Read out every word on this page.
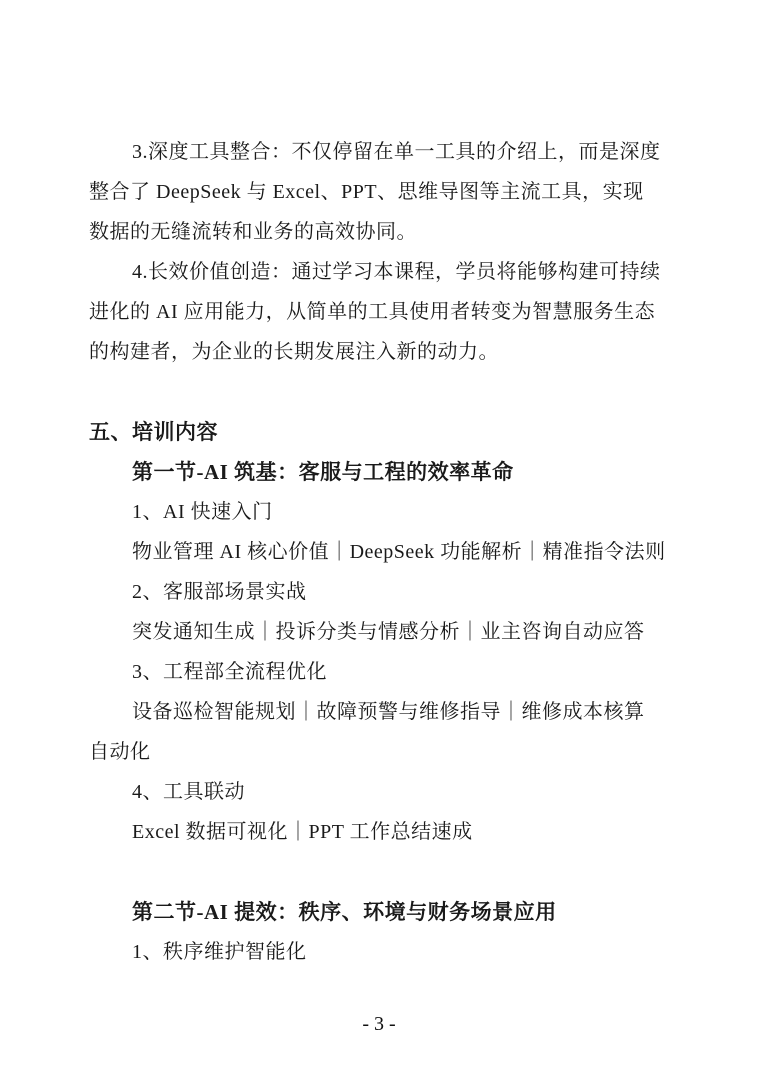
3.深度工具整合：不仅停留在单一工具的介绍上，而是深度
整合了 DeepSeek 与 Excel、PPT、思维导图等主流工具，实现
数据的无缝流转和业务的高效协同。
4.长效价值创造：通过学习本课程，学员将能够构建可持续
进化的 AI 应用能力，从简单的工具使用者转变为智慧服务生态
的构建者，为企业的长期发展注入新的动力。
五、培训内容
第一节-AI 筑基：客服与工程的效率革命
1、AI 快速入门
物业管理 AI 核心价值｜DeepSeek 功能解析｜精准指令法则
2、客服部场景实战
突发通知生成｜投诉分类与情感分析｜业主咨询自动应答
3、工程部全流程优化
设备巡检智能规划｜故障预警与维修指导｜维修成本核算
自动化
4、工具联动
Excel 数据可视化｜PPT 工作总结速成
第二节-AI 提效：秩序、环境与财务场景应用
1、秩序维护智能化
- 3 -
